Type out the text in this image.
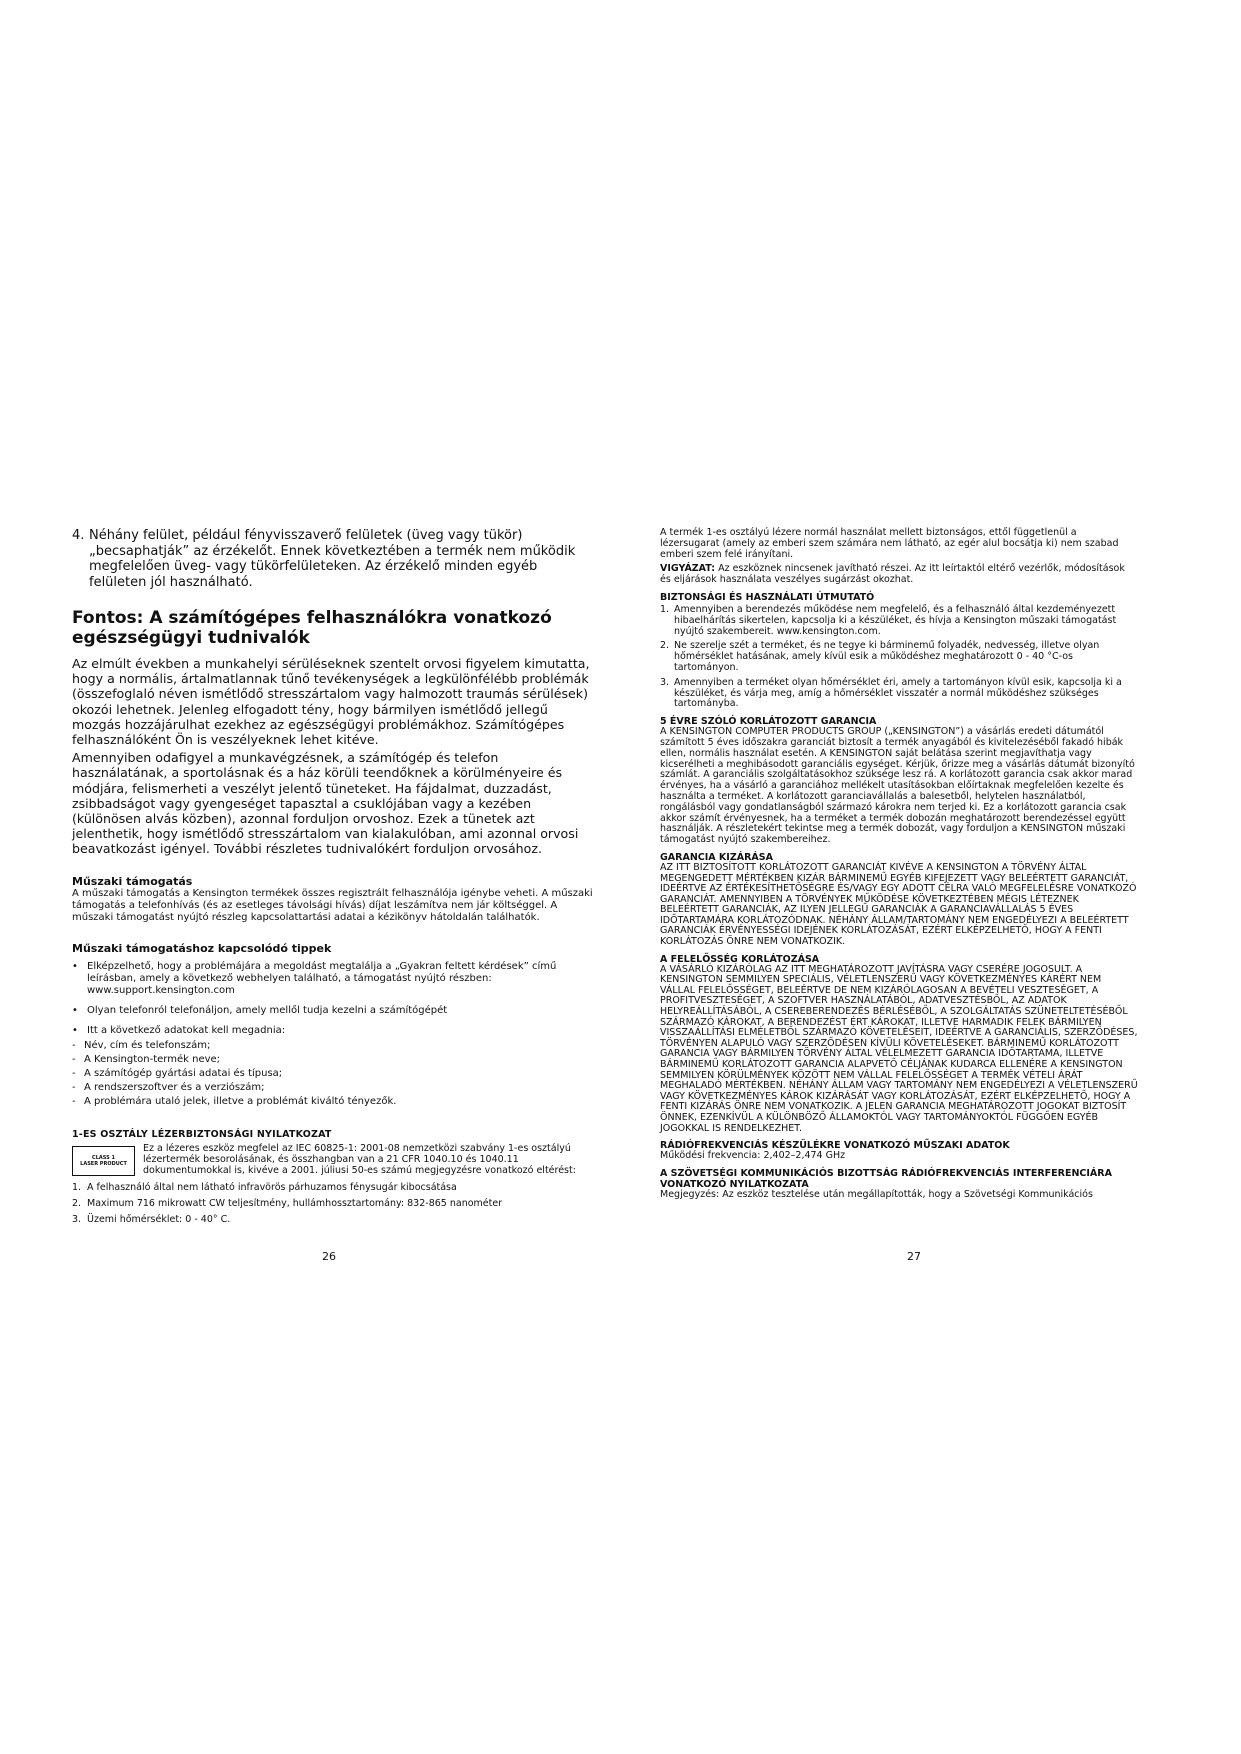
4. Néhány felület, például fényvisszaverő felületek (üveg vagy tükör) „becsaphatják” az érzékelőt. Ennek következtében a termék nem működik megfelelően üveg- vagy tükörfelületeken. Az érzékelő minden egyéb felületen jól használható.

Fontos: A számítógépes felhasználókra vonatkozó egészségügyi tudnivalók

Az elmúlt években a munkahelyi sérüléseknek szentelt orvosi figyelem kimutatta, hogy a normális, ártalmatlannak tűnő tevékenységek a legkülönfélébb problémák (összefoglaló néven ismétlődő stresszártalom vagy halmozott traumás sérülések) okozói lehetnek. Jelenleg elfogadott tény, hogy bármilyen ismétlődő jellegű mozgás hozzájárulhat ezekhez az egészségügyi problémákhoz. Számítógépes felhasználóként Ön is veszélyeknek lehet kitéve.

Amennyiben odafigyel a munkavégzésnek, a számítógép és telefon használatának, a sportolásnak és a ház körüli teendőknek a körülményeire és módjára, felismerheti a veszélyt jelentő tüneteket. Ha fájdalmat, duzzadást, zsibbadságot vagy gyengeséget tapasztal a csuklójában vagy a kezében (különösen alvás közben), azonnal forduljon orvoshoz. Ezek a tünetek azt jelenthetik, hogy ismétlődő stresszártalom van kialakulóban, ami azonnal orvosi beavatkozást igényel. További részletes tudnivalókért forduljon orvosához.

Műszaki támogatás

A műszaki támogatás a Kensington termékek összes regisztrált felhasználója igénybe veheti. A műszaki támogatás a telefonhívás (és az esetleges távolsági hívás) díjat leszámítva nem jár költséggel. A műszaki támogatást nyújtó részleg kapcsolattartási adatai a kézikönyv hátoldalán találhatók.

Műszaki támogatáshoz kapcsolódó tippek

• Elképzelhető, hogy a problémájára a megoldást megtalálja a „Gyakran feltett kérdések” című leírásban, amely a következő webhelyen található, a támogatást nyújtó részben: www.support.kensington.com
• Olyan telefonról telefonáljon, amely mellől tudja kezelni a számítógépét
• Itt a következő adatokat kell megadnia:
- Név, cím és telefonszám;
- A Kensington-termék neve;
- A számítógép gyártási adatai és típusa;
- A rendszerszoftver és a verziószám;
- A problémára utaló jelek, illetve a problémát kiváltó tényezők.

1-ES OSZTÁLY LÉZERBIZTONSÁGI NYILATKOZAT

CLASS 1
LASER PRODUCT

Ez a lézeres eszköz megfelel az IEC 60825-1: 2001-08 nemzetközi szabvány 1-es osztályú lézertermék besorolásának, és összhangban van a 21 CFR 1040.10 és 1040.11 dokumentumokkal is, kivéve a 2001. júliusi 50-es számú megjegyzésre vonatkozó eltérést:

1. A felhasználó által nem látható infravörös párhuzamos fénysugár kibocsátása
2. Maximum 716 mikrowatt CW teljesítmény, hullámhossztartomány: 832-865 nanométer
3. Üzemi hőmérséklet: 0 - 40° C.
26

A termék 1-es osztályú lézere normál használat mellett biztonságos, ettől függetlenül a lézersugarat (amely az emberi szem számára nem látható, az egér alul bocsátja ki) nem szabad emberi szem felé irányítani.

VIGYÁZAT: Az eszköznek nincsenek javítható részei. Az itt leírtaktól eltérő vezérlők, módosítások és eljárások használata veszélyes sugárzást okozhat.

BIZTONSÁGI ÉS HASZNÁLATI ÚTMUTATÓ

1. Amennyiben a berendezés működése nem megfelelő, és a felhasználó által kezdeményezett hibaelhárítás sikertelen, kapcsolja ki a készüléket, és hívja a Kensington műszaki támogatást nyújtó szakembereit. www.kensington.com.
2. Ne szerelje szét a terméket, és ne tegye ki bárminemű folyadék, nedvesség, illetve olyan hőmérséklet hatásának, amely kívül esik a működéshez meghatározott 0 - 40 °C-os tartományon.
3. Amennyiben a terméket olyan hőmérséklet éri, amely a tartományon kívül esik, kapcsolja ki a készüléket, és várja meg, amíg a hőmérséklet visszatér a normál működéshez szükséges tartományba.

5 ÉVRE SZÓLÓ KORLÁTOZOTT GARANCIA

A KENSINGTON COMPUTER PRODUCTS GROUP („KENSINGTON”) a vásárlás eredeti dátumától számított 5 éves időszakra garanciát biztosít a termék anyagából és kivitelezéséből fakadó hibák ellen, normális használat esetén. A KENSINGTON saját belátása szerint megjavíthatja vagy kicserélheti a meghibásodott garanciális egységet. Kérjük, őrizze meg a vásárlás dátumát bizonyító számlát. A garanciális szolgáltatásokhoz szüksége lesz rá. A korlátozott garancia csak akkor marad érvényes, ha a vásárló a garanciához mellékelt utasításokban előírtaknak megfelelően kezelte és használta a terméket. A korlátozott garanciavállalás a balesetből, helytelen használatból, rongálásból vagy gondatlanságból származó károkra nem terjed ki. Ez a korlátozott garancia csak akkor számít érvényesnek, ha a terméket a termék dobozán meghatározott berendezéssel együtt használják. A részletekért tekintse meg a termék dobozát, vagy forduljon a KENSINGTON műszaki támogatást nyújtó szakembereihez.

GARANCIA KIZÁRÁSA

AZ ITT BIZTOSÍTOTT KORLÁTOZOTT GARANCIÁT KIVÉVE A KENSINGTON A TÖRVÉNY ÁLTAL MEGENGEDETT MÉRTÉKBEN KIZÁR BÁRMINEMŰ EGYÉB KIFEJEZETT VAGY BELEÉRTETT GARANCIÁT, IDEÉRTVE AZ ÉRTÉKESÍTHETŐSÉGRE ÉS/VAGY EGY ADOTT CÉLRA VALÓ MEGFELELÉSRE VONATKOZÓ GARANCIÁT. AMENNYIBEN A TÖRVÉNYEK MŰKÖDÉSE KÖVETKEZTÉBEN MÉGIS LÉTEZNEK BELEÉRTETT GARANCIÁK, AZ ILYEN JELLEGŰ GARANCIÁK A GARANCIAVÁLLALÁS 5 ÉVES IDŐTARTAMÁRA KORLÁTOZÓDNAK. NÉHÁNY ÁLLAM/TARTOMÁNY NEM ENGEDÉLYEZI A BELEÉRTETT GARANCIÁK ÉRVÉNYESSÉGI IDEJÉNEK KORLÁTOZÁSÁT, EZÉRT ELKÉPZELHETŐ, HOGY A FENTI KORLÁTOZÁS ÖNRE NEM VONATKOZIK.

A FELELŐSSÉG KORLÁTOZÁSA

A VÁSÁRLÓ KIZÁRÓLAG AZ ITT MEGHATÁROZOTT JAVÍTÁSRA VAGY CSERÉRE JOGOSULT. A KENSINGTON SEMMILYEN SPECIÁLIS, VÉLETLENSZERŰ VAGY KÖVETKEZMÉNYES KÁRÉRT NEM VÁLLAL FELELŐSSÉGET, BELEÉRTVE DE NEM KIZÁRÓLAGOSAN A BEVÉTELI VESZTESÉGET, A PROFITVESZTESÉGET, A SZOFTVER HASZNÁLATÁBÓL, ADATVESZTÉSBŐL, AZ ADATOK HELYREÁLLÍTÁSÁBÓL, A CSEREBERENDEZÉS BÉRLÉSÉBŐL, A SZOLGÁLTATÁS SZÜNETELTETÉSÉBŐL SZÁRMAZÓ KÁROKAT, A BERENDEZÉST ÉRT KÁROKAT, ILLETVE HARMADIK FELEK BÁRMILYEN VISSZAÁLLÍTÁSI ELMÉLETBŐL SZÁRMAZÓ KÖVETELÉSEIT, IDEÉRTVE A GARANCIÁLIS, SZERZŐDÉSES, TÖRVÉNYEN ALAPULÓ VAGY SZERZŐDÉSEN KÍVÜLI KÖVETELÉSEKET. BÁRMINEMŰ KORLÁTOZOTT GARANCIA VAGY BÁRMILYEN TÖRVÉNY ÁLTAL VÉLELMEZETT GARANCIA IDŐTARTAMA, ILLETVE BÁRMINEMŰ KORLÁTOZOTT GARANCIA ALAPVETŐ CÉLJÁNAK KUDARCA ELLENÉRE A KENSINGTON SEMMILYEN KÖRÜLMÉNYEK KÖZÖTT NEM VÁLLAL FELELŐSSÉGET A TERMÉK VÉTELI ÁRÁT MEGHALADÓ MÉRTÉKBEN. NÉHÁNY ÁLLAM VAGY TARTOMÁNY NEM ENGEDÉLYEZI A VÉLETLENSZERŰ VAGY KÖVETKEZMÉNYES KÁROK KIZÁRÁSÁT VAGY KORLÁTOZÁSÁT, EZÉRT ELKÉPZELHETŐ, HOGY A FENTI KIZÁRÁS ÖNRE NEM VONATKOZIK. A JELEN GARANCIA MEGHATÁROZOTT JOGOKAT BIZTOSÍT ÖNNEK, EZENKÍVÜL A KÜLÖNBÖZŐ ÁLLAMOKTÓL VAGY TARTOMÁNYOKTÓL FÜGGŐEN EGYÉB JOGOKKAL IS RENDELKEZHET.

RÁDIÓFREKVENCIÁS KÉSZÜLÉKRE VONATKOZÓ MŰSZAKI ADATOK

Működési frekvencia: 2,402–2,474 GHz

A SZÖVETSÉGI KOMMUNIKÁCIÓS BIZOTTSÁG RÁDIÓFREKVENCIÁS INTERFERENCIÁRA VONATKOZÓ NYILATKOZATA

Megjegyzés: Az eszköz tesztelése után megállapították, hogy a Szövetségi Kommunikációs

27
